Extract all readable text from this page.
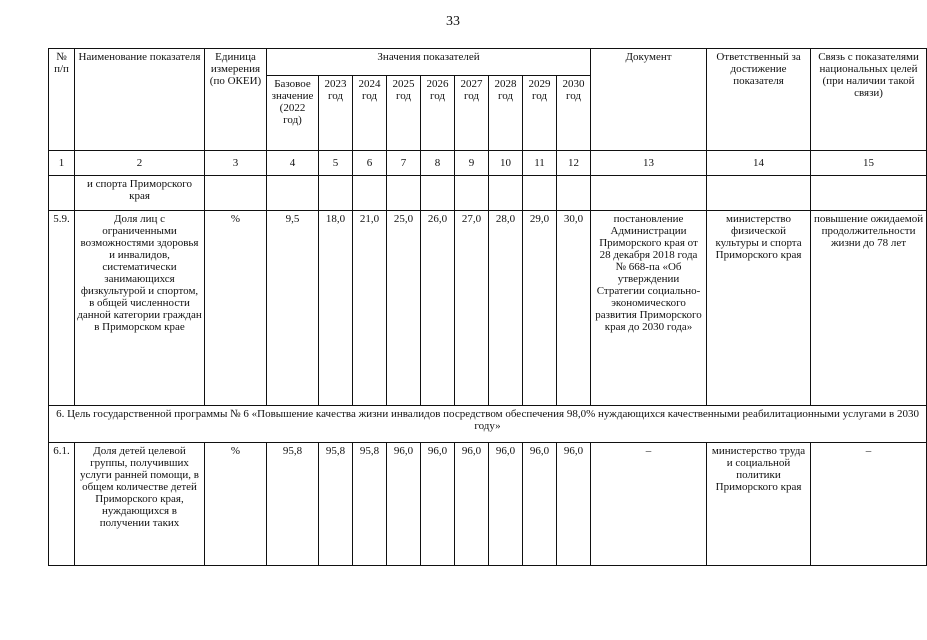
33
№ п/п	Наименование показателя	Единица измерения (по ОКЕИ)	Значения показателей									Документ	Ответственный за достижение показателя	Связь с показателями национальных целей (при наличии такой связи)
			Базовое значение (2022 год)	2023 год	2024 год	2025 год	2026 год	2027 год	2028 год	2029 год	2030 год			
1	2	3	4	5	6	7	8	9	10	11	12	13	14	15
	и спорта Приморского края													
5.9.	Доля лиц с ограниченными возможностями здоровья и инвалидов, систематически занимающихся физкультурой и спортом, в общей численности данной категории граждан в Приморском крае	%	9,5	18,0	21,0	25,0	26,0	27,0	28,0	29,0	30,0	постановление Администрации Приморского края от 28 декабря 2018 года № 668-па «Об утверждении Стратегии социально-экономического развития Приморского края до 2030 года»	министерство физической культуры и спорта Приморского края	повышение ожидаемой продолжительности жизни до 78 лет
6. Цель государственной программы № 6 «Повышение качества жизни инвалидов посредством обеспечения 98,0% нуждающихся качественными реабилитационными услугами в 2030 году»														
6.1.	Доля детей целевой группы, получивших услуги ранней помощи, в общем количестве детей Приморского края, нуждающихся в получении таких	%	95,8	95,8	95,8	96,0	96,0	96,0	96,0	96,0	96,0	–	министерство труда и социальной политики Приморского края	–
